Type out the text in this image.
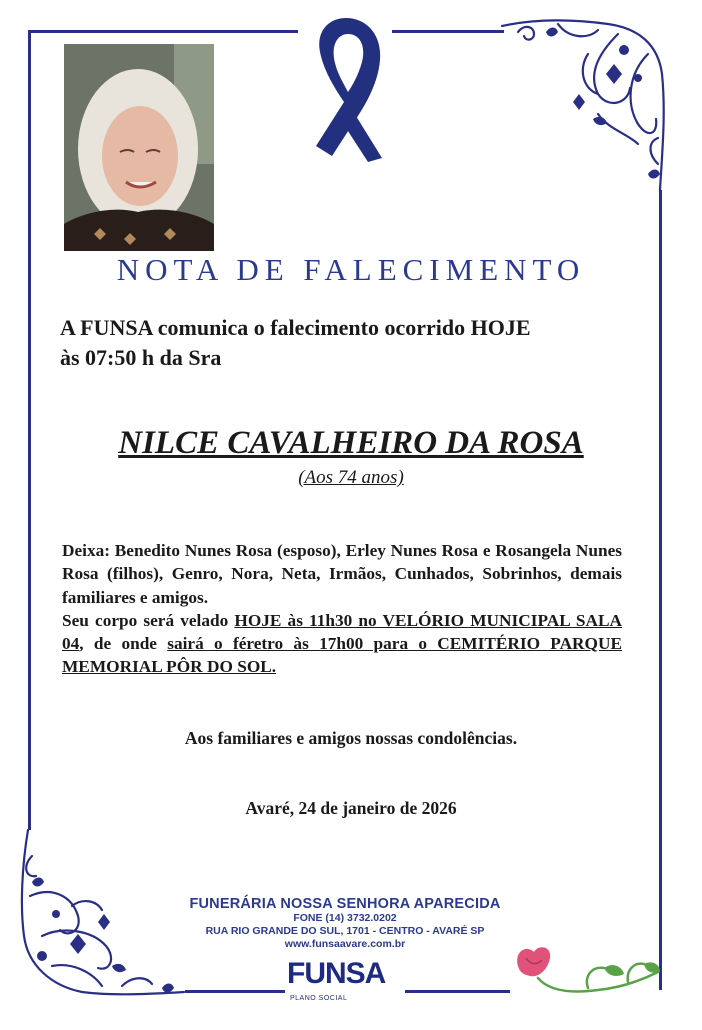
NOTA DE FALECIMENTO
A FUNSA comunica o falecimento ocorrido HOJE
às 07:50 h da Sra
NILCE CAVALHEIRO DA ROSA
(Aos 74 anos)
Deixa: Benedito Nunes Rosa (esposo), Erley Nunes Rosa e Rosangela Nunes Rosa (filhos), Genro, Nora, Neta, Irmãos, Cunhados, Sobrinhos, demais familiares e amigos.
Seu corpo será velado HOJE às 11h30 no VELÓRIO MUNICIPAL SALA 04, de onde sairá o féretro às 17h00 para o CEMITÉRIO PARQUE MEMORIAL PÔR DO SOL.
Aos familiares e amigos nossas condolências.
Avaré, 24 de janeiro de 2026
FUNERÁRIA NOSSA SENHORA APARECIDA
FONE (14) 3732.0202
RUA RIO GRANDE DO SUL, 1701 - CENTRO - AVARÉ SP
www.funsaavare.com.br
FUNSA
PLANO SOCIAL
